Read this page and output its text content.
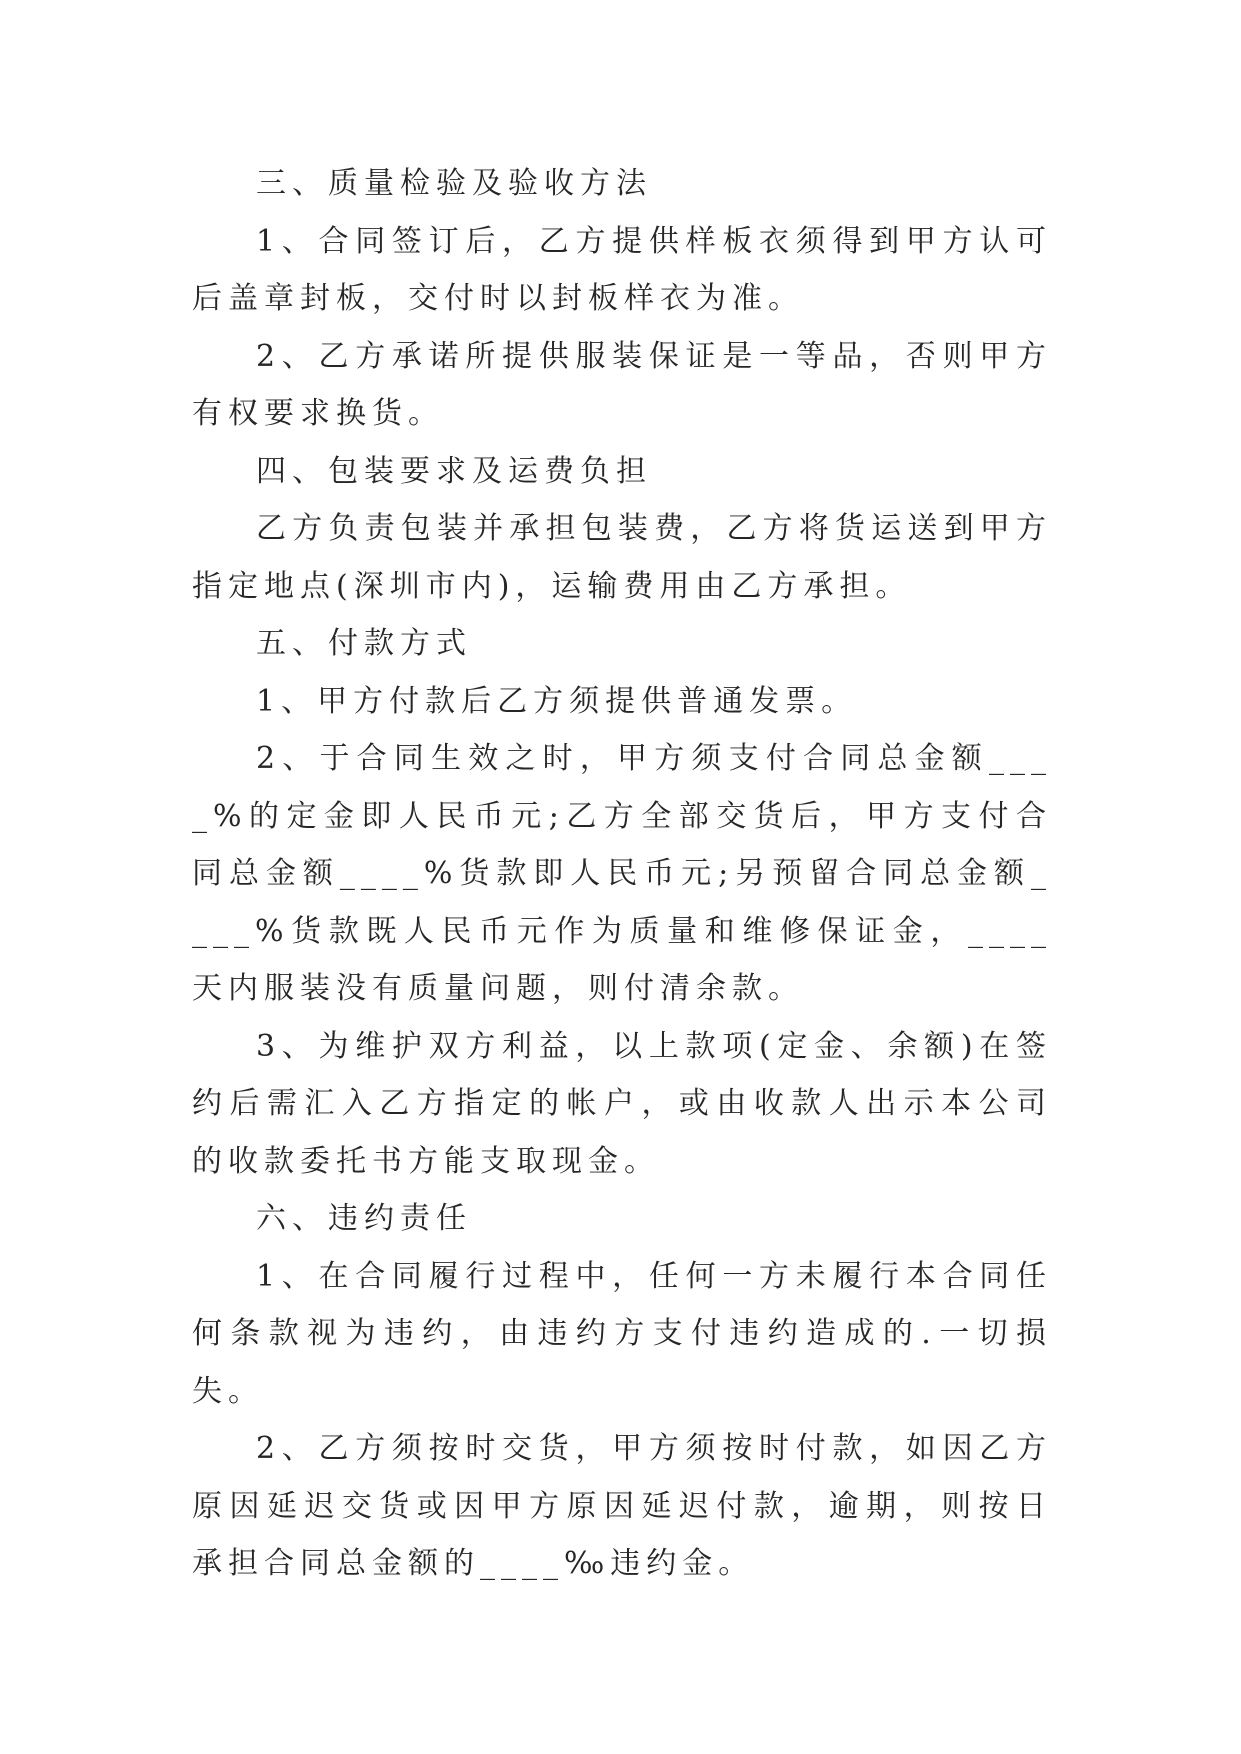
三、质量检验及验收方法

1、合同签订后，乙方提供样板衣须得到甲方认可后盖章封板，交付时以封板样衣为准。

2、乙方承诺所提供服装保证是一等品，否则甲方有权要求换货。

四、包装要求及运费负担

乙方负责包装并承担包装费，乙方将货运送到甲方指定地点(深圳市内)，运输费用由乙方承担。

五、付款方式

1、甲方付款后乙方须提供普通发票。

2、于合同生效之时，甲方须支付合同总金额____%的定金即人民币元;乙方全部交货后，甲方支付合同总金额____%货款即人民币元;另预留合同总金额____%货款既人民币元作为质量和维修保证金，____天内服装没有质量问题，则付清余款。

3、为维护双方利益，以上款项(定金、余额)在签约后需汇入乙方指定的帐户，或由收款人出示本公司的收款委托书方能支取现金。

六、违约责任

1、在合同履行过程中，任何一方未履行本合同任何条款视为违约，由违约方支付违约造成的.一切损失。

2、乙方须按时交货，甲方须按时付款，如因乙方原因延迟交货或因甲方原因延迟付款，逾期，则按日承担合同总金额的____‰违约金。
